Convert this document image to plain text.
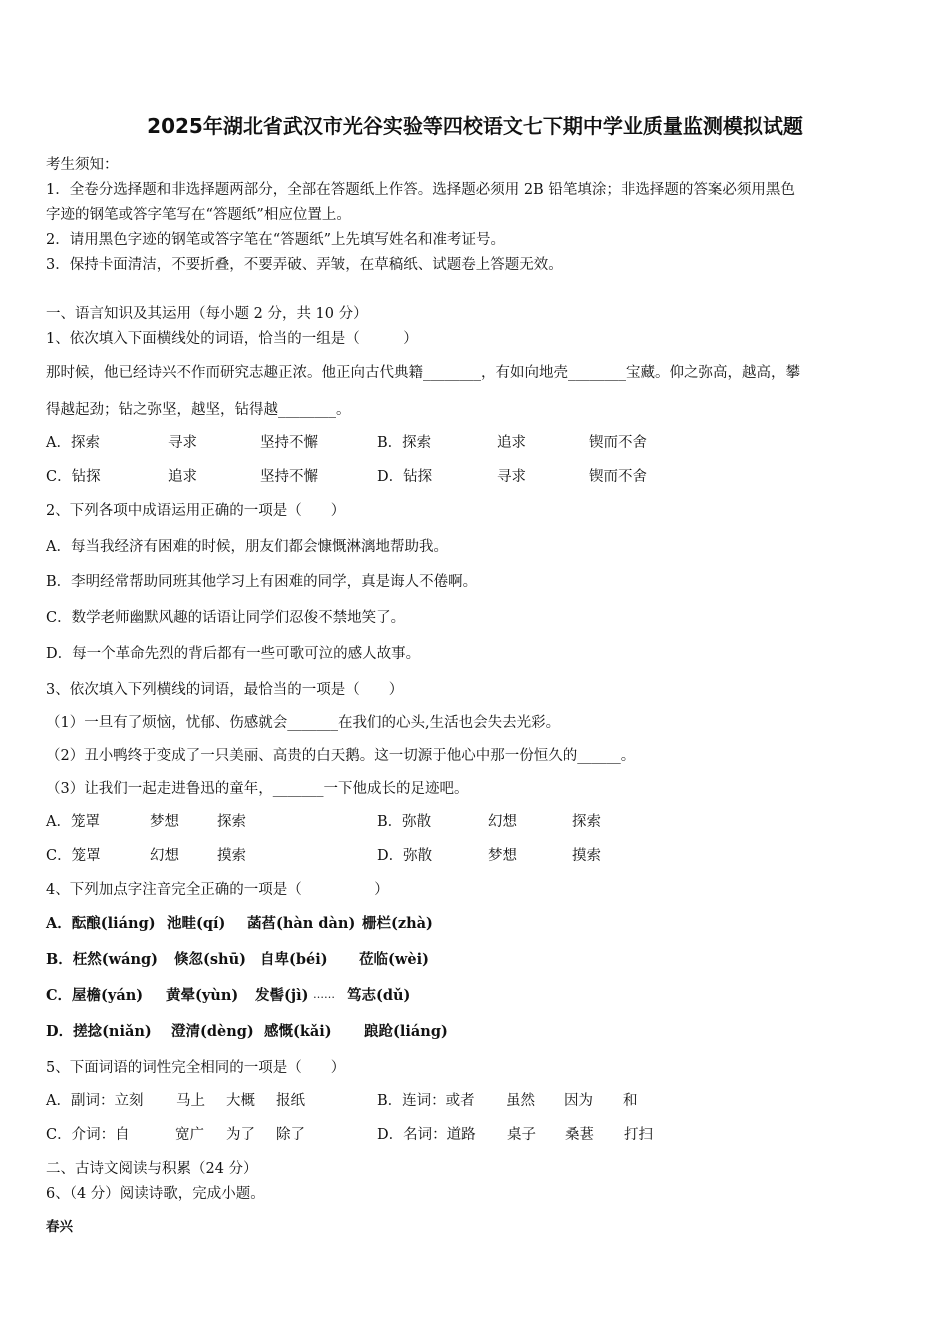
2025年湖北省武汉市光谷实验等四校语文七下期中学业质量监测模拟试题
考生须知：
1．全卷分选择题和非选择题两部分，全部在答题纸上作答。选择题必须用 2B 铅笔填涂；非选择题的答案必须用黑色
字迹的钢笔或答字笔写在“答题纸”相应位置上。
2．请用黑色字迹的钢笔或答字笔在“答题纸”上先填写姓名和准考证号。
3．保持卡面清洁，不要折叠，不要弄破、弄皱，在草稿纸、试题卷上答题无效。
一、语言知识及其运用（每小题 2 分，共 10 分）
1、依次填入下面横线处的词语，恰当的一组是（　　　）
那时候，他已经诗兴不作而研究志趣正浓。他正向古代典籍________，有如向地壳________宝藏。仰之弥高，越高，攀
得越起劲；钻之弥坚，越坚，钻得越________。
A．探索	寻求	坚持不懈	B．探索	追求	锲而不舍
C．钻探	追求	坚持不懈	D．钻探	寻求	锲而不舍
2、下列各项中成语运用正确的一项是（　　）
A．每当我经济有困难的时候，朋友们都会慷慨淋漓地帮助我。
B．李明经常帮助同班其他学习上有困难的同学，真是诲人不倦啊。
C．数学老师幽默风趣的话语让同学们忍俊不禁地笑了。
D．每一个革命先烈的背后都有一些可歌可泣的感人故事。
3、依次填入下列横线的词语，最恰当的一项是（　　）
（1）一旦有了烦恼，忧郁、伤感就会_______在我们的心头,生活也会失去光彩。
（2）丑小鸭终于变成了一只美丽、高贵的白天鹅。这一切源于他心中那一份恒久的______。
（3）让我们一起走进鲁迅的童年，_______一下他成长的足迹吧。
A．笼罩	梦想	探索	B．弥散	幻想	探索
C．笼罩	幻想	摸索	D．弥散	梦想	摸索
4、下列加点字注音完全正确的一项是（　　　　　）
A．酝酿(liáng) 池畦(qí) 菡萏(hàn dàn) 栅栏(zhà)
B．枉然(wáng) 倏忽(shū) 自卑(béi) 莅临(wèi)
C．屋檐(yán) 黄晕(yùn) 发髻(jì) …… 笃志(dǔ)
D．搓捻(niǎn) 澄清(dèng) 感慨(kǎi) 踉跄(liáng)
5、下面词语的词性完全相同的一项是（　　）
A．副词：立刻 马上 大概 报纸	B．连词：或者 虽然 因为 和
C．介词：自	宽广 为了 除了	D．名词：道路 桌子 桑葚 打扫
二、古诗文阅读与积累（24 分）
6、（4 分）阅读诗歌，完成小题。
春兴
